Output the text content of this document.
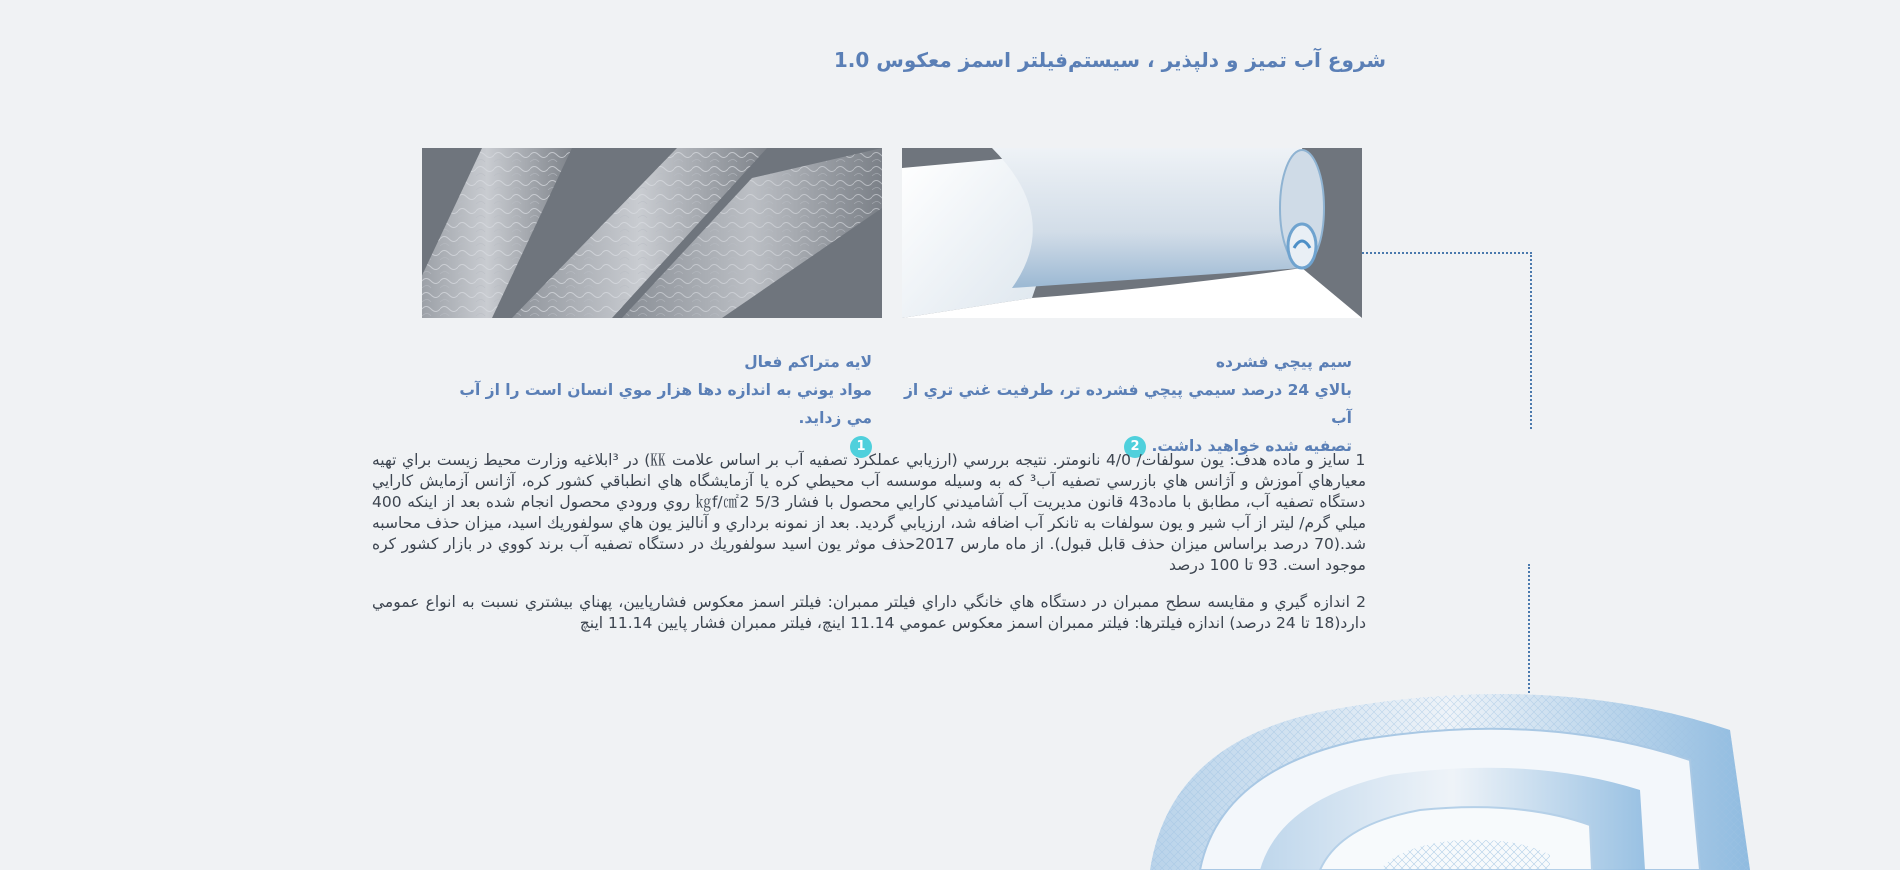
شروع آب تميز و دلپذير ، سيستم‌فيلتر اسمز معكوس 1.0
لايه متراكم فعال
مواد يوني به اندازه دها هزار موي انسان است را از آب مي زدايد.
1
سيم پيچي فشرده
بالاي 24 درصد سيمي پيچي فشرده تر، طرفيت غني تري از آب
تصفيه شده خواهيد داشت. 2

1 سايز و ماده هدف: يون سولفات/ 4/0 نانومتر. نتيجه بررسي (ارزيابي عملكرد تصفيه آب بر اساس علامت ㏍) در ³ابلاغيه وزارت محيط زيست براي تهيه معيارهاي آموزش و آژانس هاي بازرسي تصفيه آب³ كه به وسيله موسسه آب محيطي كره يا آزمايشگاه هاي انطباقي كشور كره، آژانس آزمايش كارايي دستگاه تصفيه آب، مطابق با ماده43 قانون مديريت آب آشاميدني كارايي محصول با فشار 5/3 ㎏f/㎠2 روي ورودي محصول انجام شده بعد از اينكه 400 ميلي گرم/ ليتر از آب شير و يون سولفات به تانكر آب اضافه شد، ارزيابي گرديد. بعد از نمونه برداري و آناليز يون هاي سولفوريك اسيد، ميزان حذف محاسبه شد.(70 درصد براساس ميزان حذف قابل قبول). از ماه مارس 2017حذف موثر يون اسيد سولفوريك در دستگاه تصفيه آب برند كووي در بازار كشور كره موجود است. 93 تا 100 درصد

2 اندازه گيري و مقايسه سطح ممبران در دستگاه هاي خانگي داراي فيلتر ممبران: فيلتر اسمز معكوس فشارپايين، پهناي بيشتري نسبت به انواع عمومي دارد(18 تا 24 درصد) اندازه فيلترها: فيلتر ممبران اسمز معكوس عمومي 11.14 اينچ، فيلتر ممبران فشار پايين 11.14 اينچ
